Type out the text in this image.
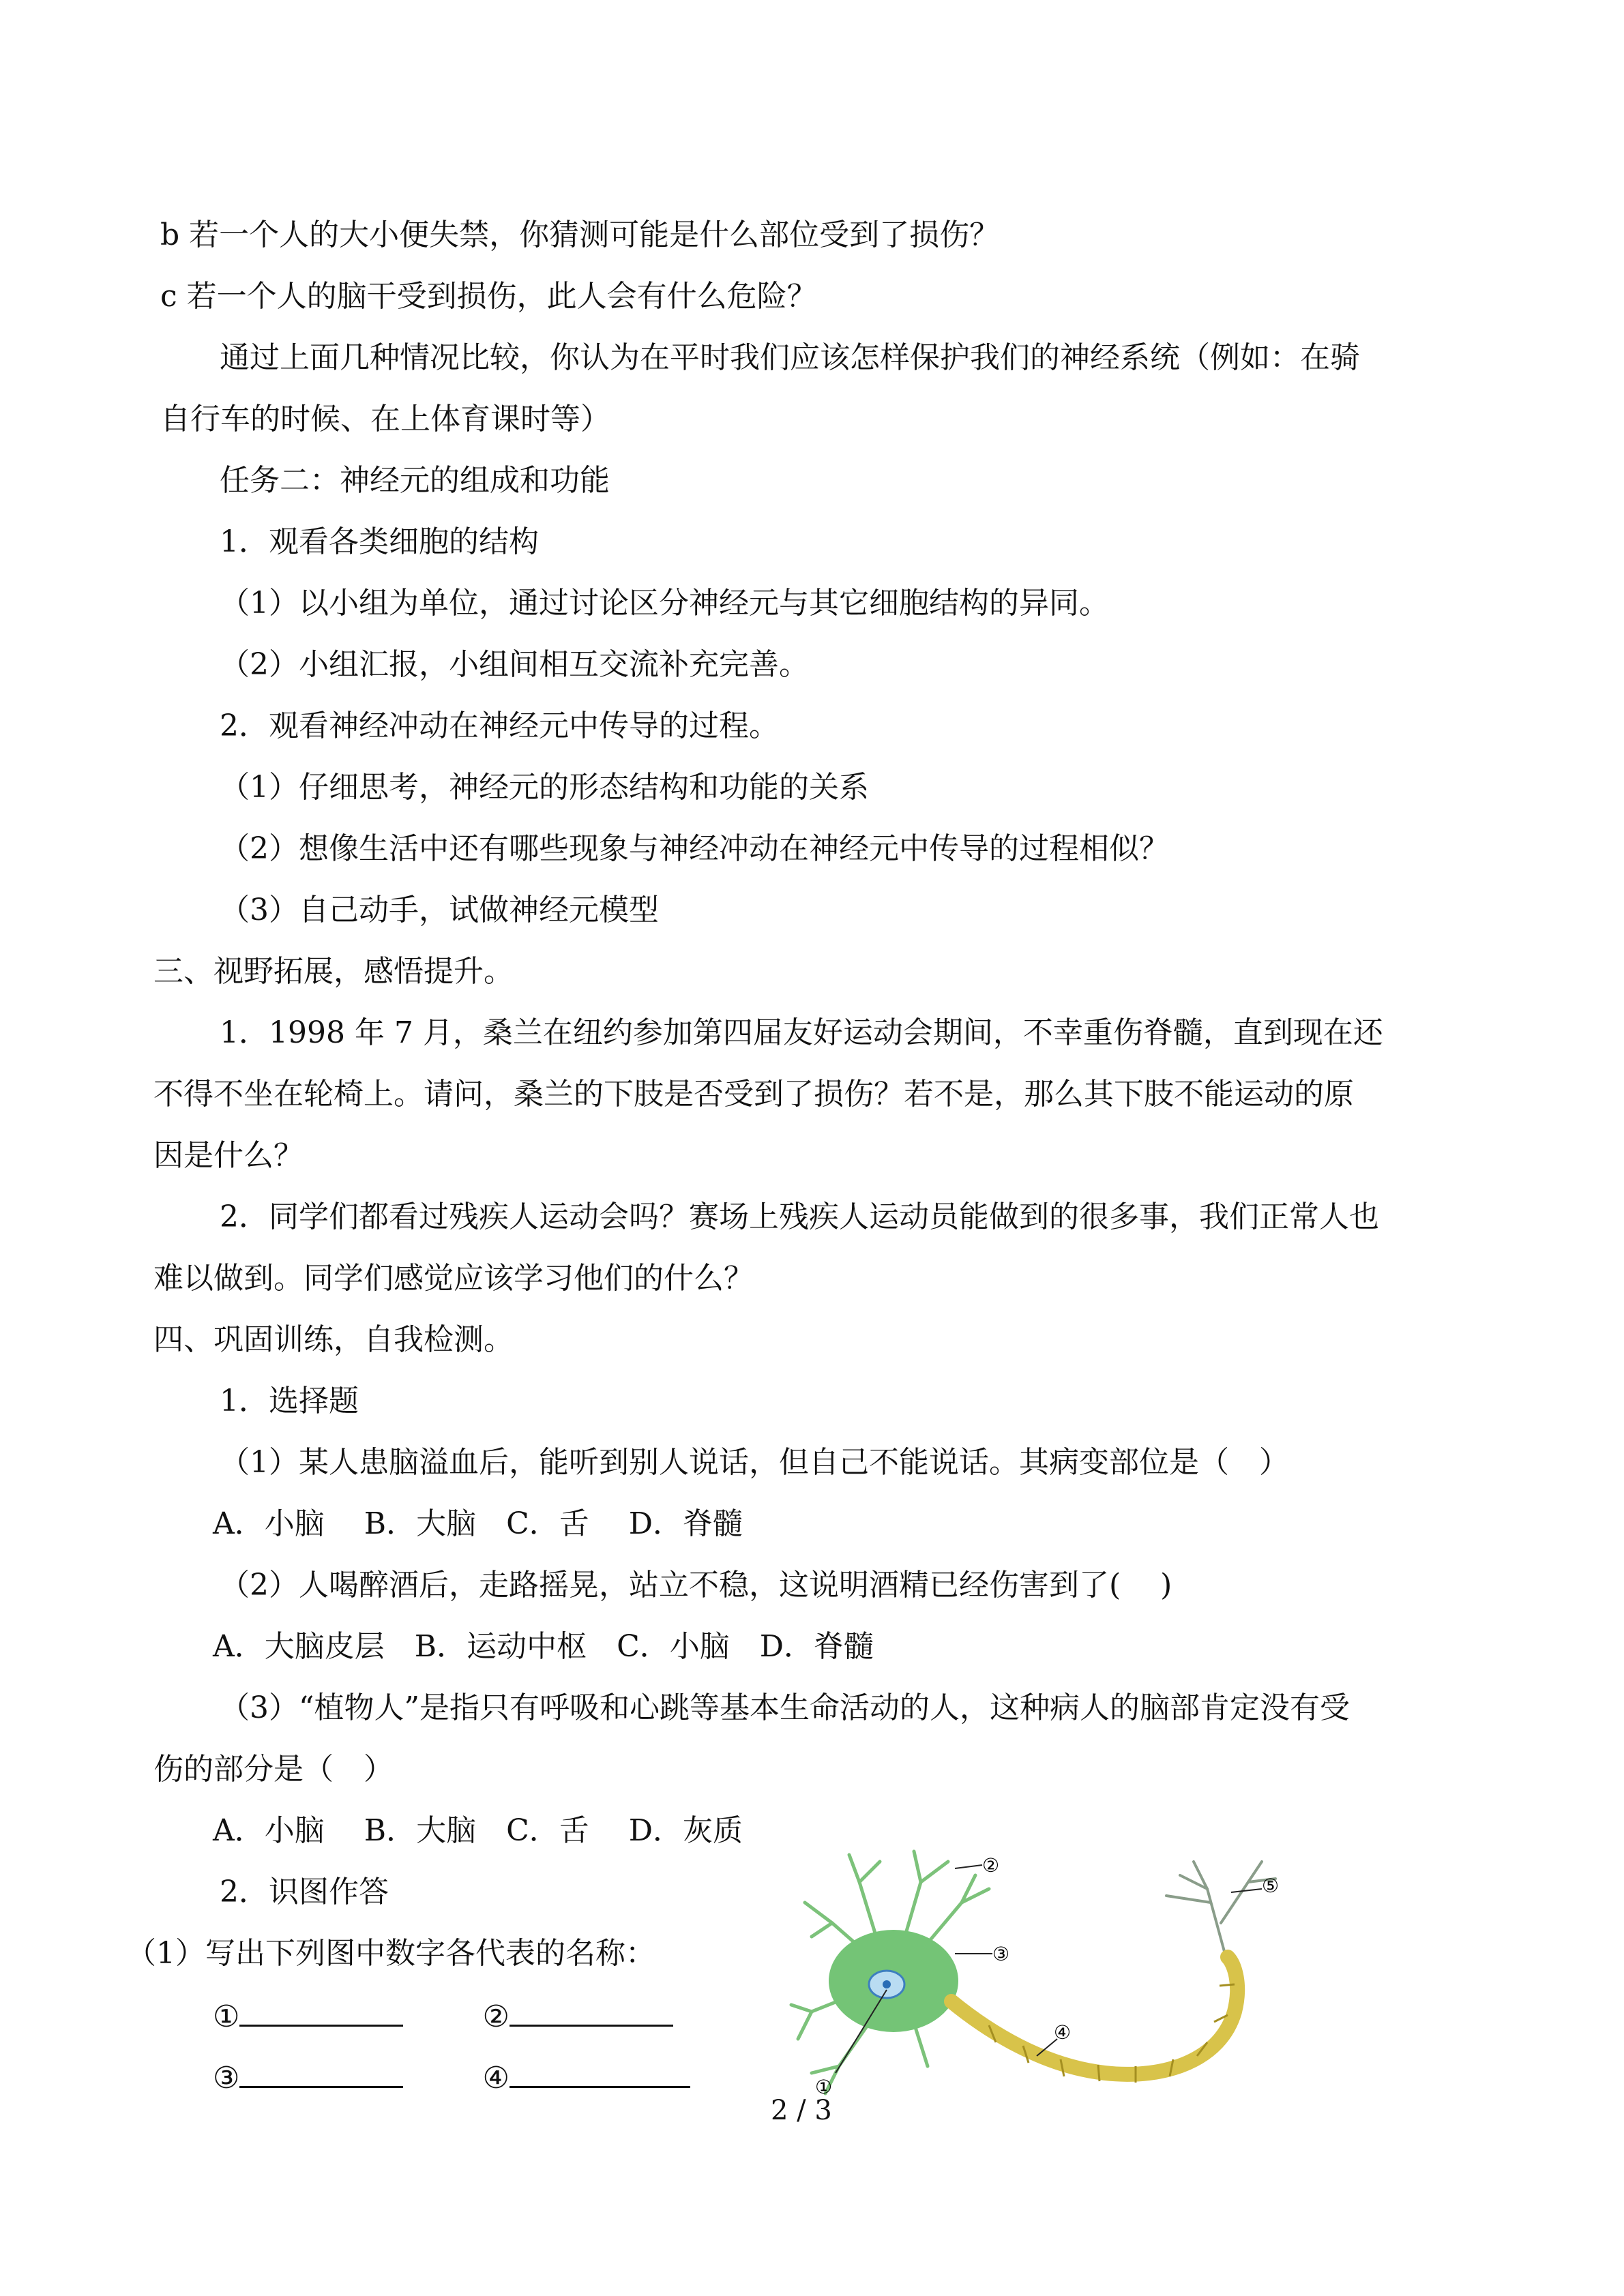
b 若一个人的大小便失禁，你猜测可能是什么部位受到了损伤？
c 若一个人的脑干受到损伤，此人会有什么危险？
通过上面几种情况比较，你认为在平时我们应该怎样保护我们的神经系统（例如：在骑
自行车的时候、在上体育课时等）
任务二：神经元的组成和功能
1．观看各类细胞的结构
（1）以小组为单位，通过讨论区分神经元与其它细胞结构的异同。
（2）小组汇报，小组间相互交流补充完善。
2．观看神经冲动在神经元中传导的过程。
（1）仔细思考，神经元的形态结构和功能的关系
（2）想像生活中还有哪些现象与神经冲动在神经元中传导的过程相似？
（3）自己动手，试做神经元模型
三、视野拓展，感悟提升。
1．1998 年 7 月，桑兰在纽约参加第四届友好运动会期间，不幸重伤脊髓，直到现在还
不得不坐在轮椅上。请问，桑兰的下肢是否受到了损伤？若不是，那么其下肢不能运动的原
因是什么？
2．同学们都看过残疾人运动会吗？赛场上残疾人运动员能做到的很多事，我们正常人也
难以做到。同学们感觉应该学习他们的什么？
四、巩固训练，自我检测。
1．选择题
（1）某人患脑溢血后，能听到别人说话，但自己不能说话。其病变部位是（　）
A．小脑　 B．大脑　C．舌　 D．脊髓
（2）人喝醉酒后，走路摇晃，站立不稳，这说明酒精已经伤害到了(　 )
A．大脑皮层　B．运动中枢　C．小脑　D．脊髓
（3）“植物人”是指只有呼吸和心跳等基本生命活动的人，这种病人的脑部肯定没有受
伤的部分是（　）
A．小脑　 B．大脑　C．舌　 D．灰质
2．识图作答
（1）写出下列图中数字各代表的名称：
①	②
③	④	①
②
③
④
⑤
2 / 3
